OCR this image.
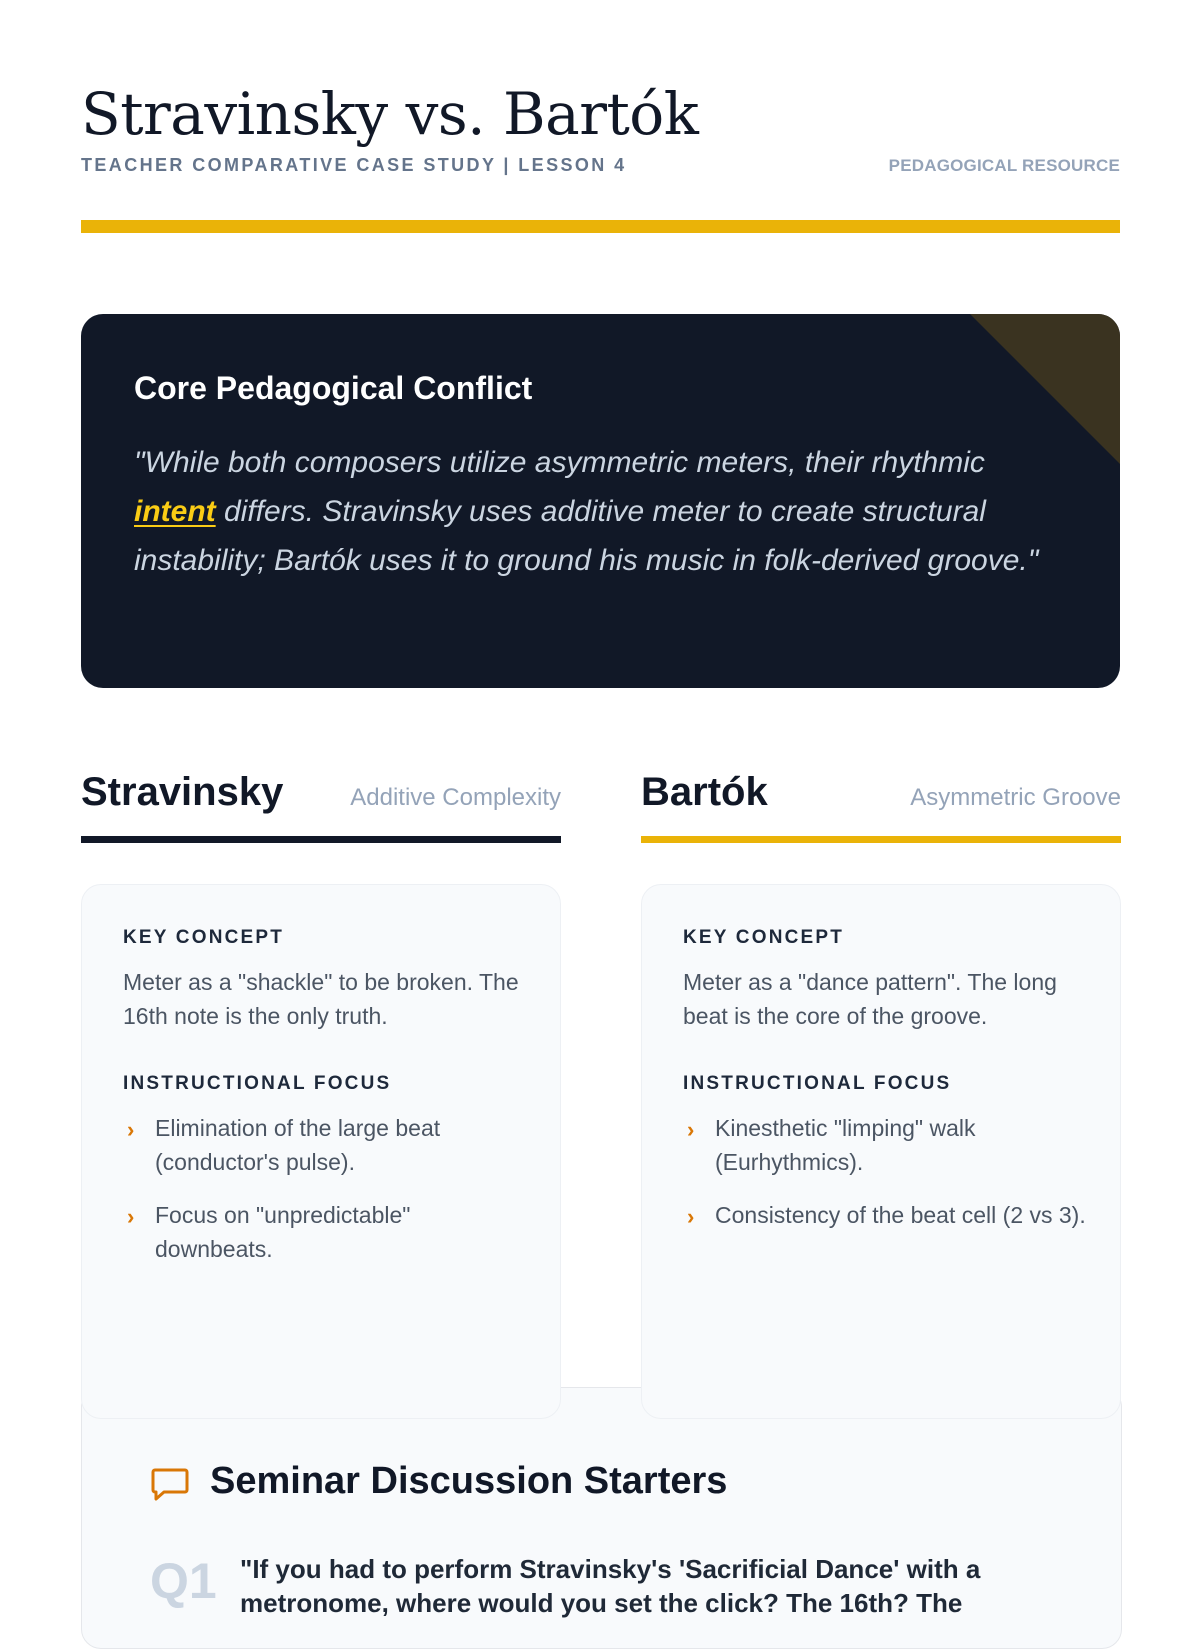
Stravinsky vs. Bartók
TEACHER COMPARATIVE CASE STUDY | LESSON 4	PEDAGOGICAL RESOURCE
Core Pedagogical Conflict
"While both composers utilize asymmetric meters, their rhythmic intent differs. Stravinsky uses additive meter to create structural instability; Bartók uses it to ground his music in folk-derived groove."
Stravinsky	Additive Complexity Bartók	Asymmetric Groove
Seminar Discussion Starters
Q1 "If you had to perform Stravinsky's 'Sacrificial Dance' with a
metronome, where would you set the click? The 16th? The
KEY CONCEPT
Meter as a "shackle" to be broken. The 16th note is the only truth.
INSTRUCTIONAL FOCUS
› Elimination of the large beat (conductor's pulse).
› Focus on "unpredictable" downbeats.
KEY CONCEPT
Meter as a "dance pattern". The long beat is the core of the groove.
INSTRUCTIONAL FOCUS
› Kinesthetic "limping" walk (Eurhythmics).
› Consistency of the beat cell (2 vs 3).
